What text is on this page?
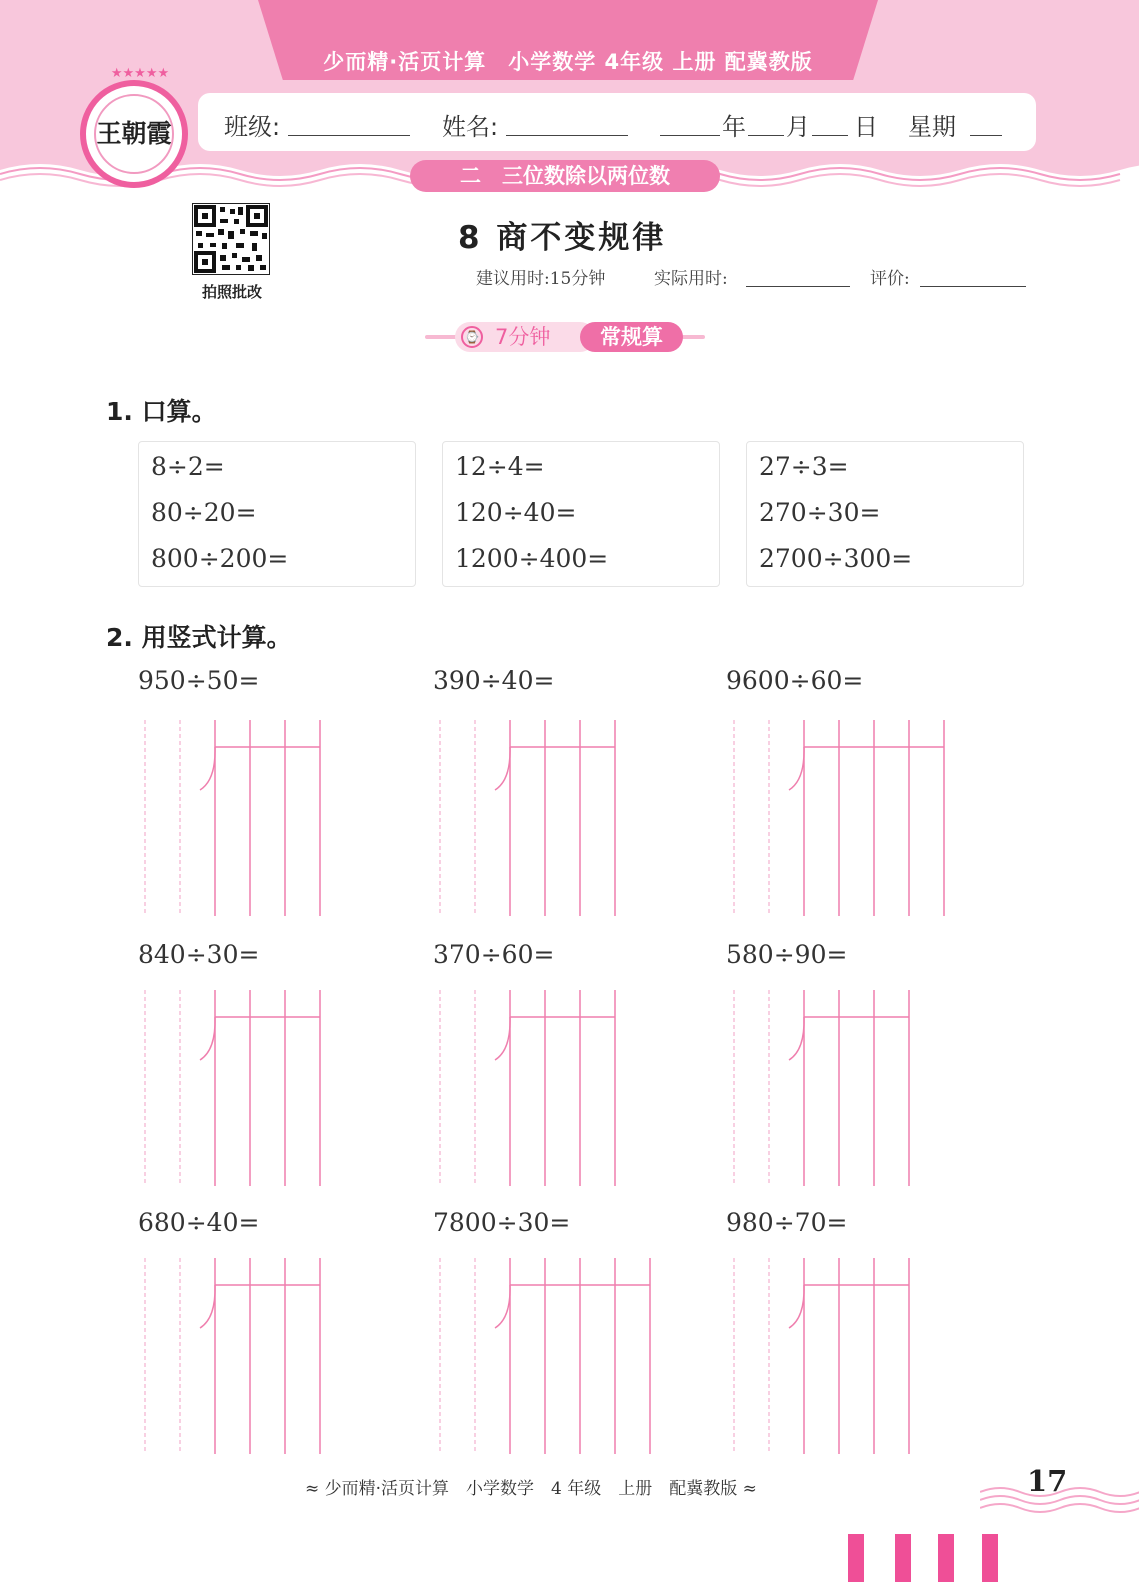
少而精·活页计算　小学数学 4年级 上册 配冀教版
班级:	姓名:	年 月 日 星期
★★★★★
王朝霞
二　三位数除以两位数
拍照批改
8 商不变规律
建议用时:15分钟	实际用时:	评价:
⌚ 7分钟	常规算
1. 口算。
8÷2=
80÷20=
800÷200=
12÷4=
120÷40=
1200÷400=
27÷3=
270÷30=
2700÷300=
2. 用竖式计算。
950÷50=	390÷40=	9600÷60=
840÷30=	370÷60=	580÷90=
680÷40=	7800÷30=	980÷70=
≈ 少而精·活页计算　小学数学　4 年级　上册　配冀教版 ≈	17
